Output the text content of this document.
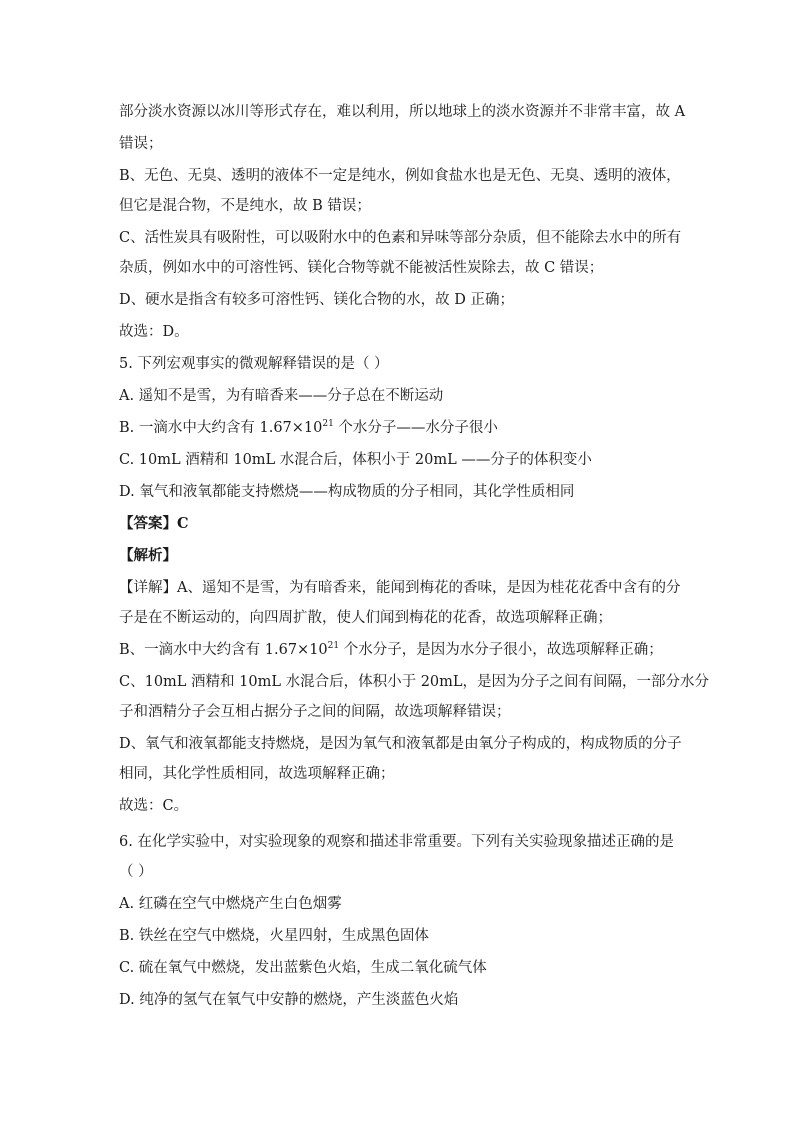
部分淡水资源以冰川等形式存在，难以利用，所以地球上的淡水资源并不非常丰富，故 A
错误；
B、无色、无臭、透明的液体不一定是纯水，例如食盐水也是无色、无臭、透明的液体，
但它是混合物，不是纯水，故 B 错误；
C、活性炭具有吸附性，可以吸附水中的色素和异味等部分杂质，但不能除去水中的所有
杂质，例如水中的可溶性钙、镁化合物等就不能被活性炭除去，故 C 错误；
D、硬水是指含有较多可溶性钙、镁化合物的水，故 D 正确；
故选：D。
5. 下列宏观事实的微观解释错误的是（ ）
A. 遥知不是雪，为有暗香来——分子总在不断运动
B. 一滴水中大约含有 $1.67\times 10^{21}$ 个水分子——水分子很小
C. 10mL 酒精和 10mL 水混合后，体积小于 20mL ——分子的体积变小
D. 氧气和液氧都能支持燃烧——构成物质的分子相同，其化学性质相同
【答案】C
【解析】
【详解】A、遥知不是雪，为有暗香来，能闻到梅花的香味，是因为桂花花香中含有的分
子是在不断运动的，向四周扩散，使人们闻到梅花的花香，故选项解释正确；
B、一滴水中大约含有 $1.67\times 10^{21}$ 个水分子，是因为水分子很小，故选项解释正确；
C、10mL 酒精和 10mL 水混合后，体积小于 20mL，是因为分子之间有间隔，一部分水分
子和酒精分子会互相占据分子之间的间隔，故选项解释错误；
D、氧气和液氧都能支持燃烧，是因为氧气和液氧都是由氧分子构成的，构成物质的分子
相同，其化学性质相同，故选项解释正确；
故选：C。
6. 在化学实验中，对实验现象的观察和描述非常重要。下列有关实验现象描述正确的是
（ ）
A. 红磷在空气中燃烧产生白色烟雾
B. 铁丝在空气中燃烧，火星四射，生成黑色固体
C. 硫在氧气中燃烧，发出蓝紫色火焰，生成二氧化硫气体
D. 纯净的氢气在氧气中安静的燃烧，产生淡蓝色火焰
